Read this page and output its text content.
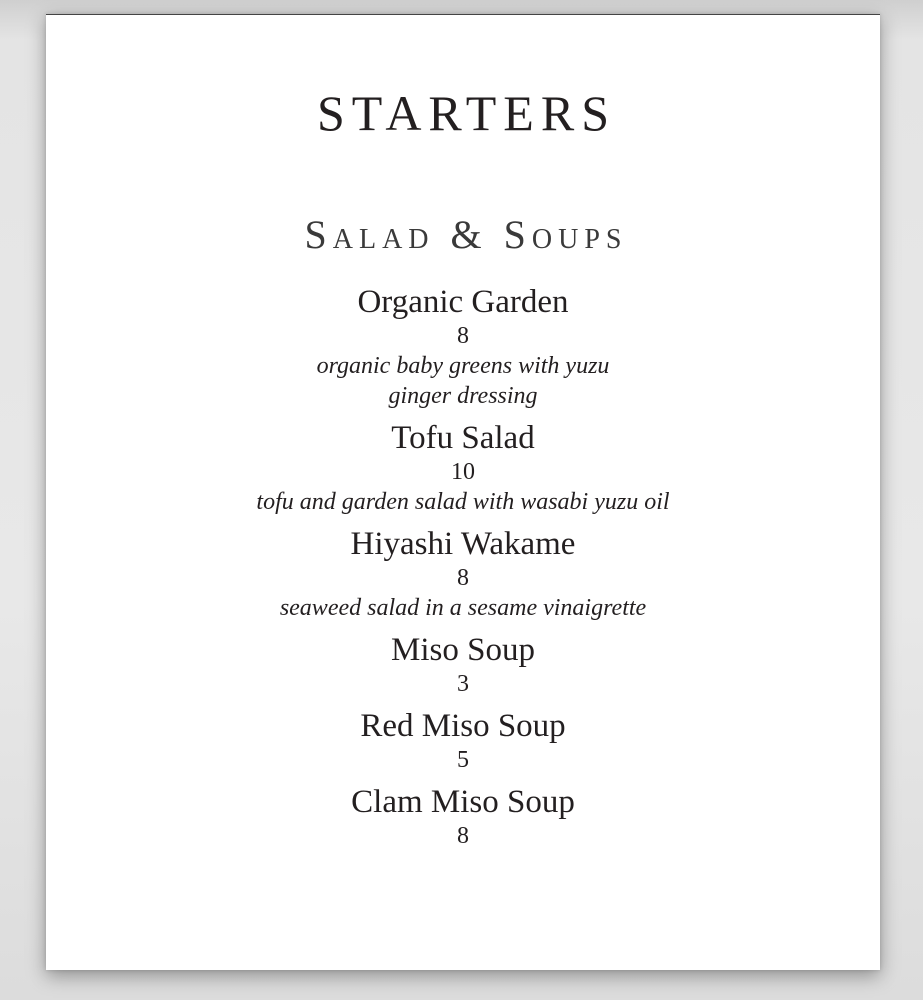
STARTERS
Salad & Soups
Organic Garden
8
organic baby greens with yuzu ginger dressing
Tofu Salad
10
tofu and garden salad with wasabi yuzu oil
Hiyashi Wakame
8
seaweed salad in a sesame vinaigrette
Miso Soup
3
Red Miso Soup
5
Clam Miso Soup
8
